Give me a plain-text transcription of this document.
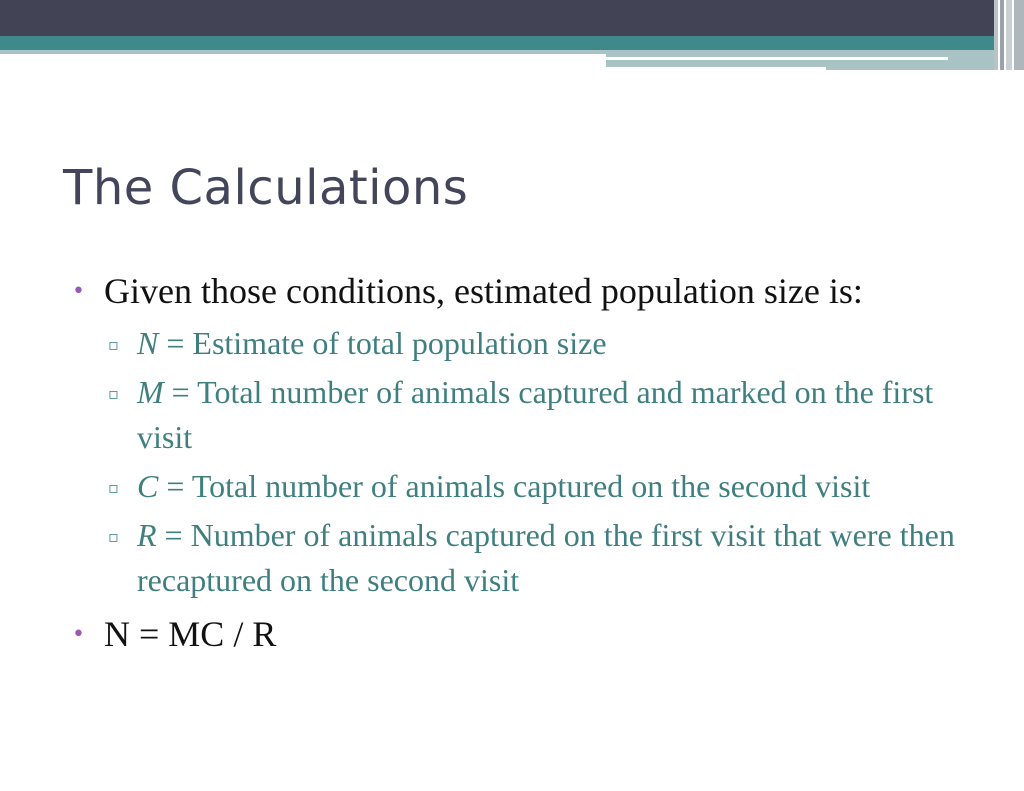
The Calculations
• Given those conditions, estimated population size is:
▫ N = Estimate of total population size
▫ M = Total number of animals captured and marked on the first visit
▫ C = Total number of animals captured on the second visit
▫ R = Number of animals captured on the first visit that were then recaptured on the second visit
• N = MC / R
